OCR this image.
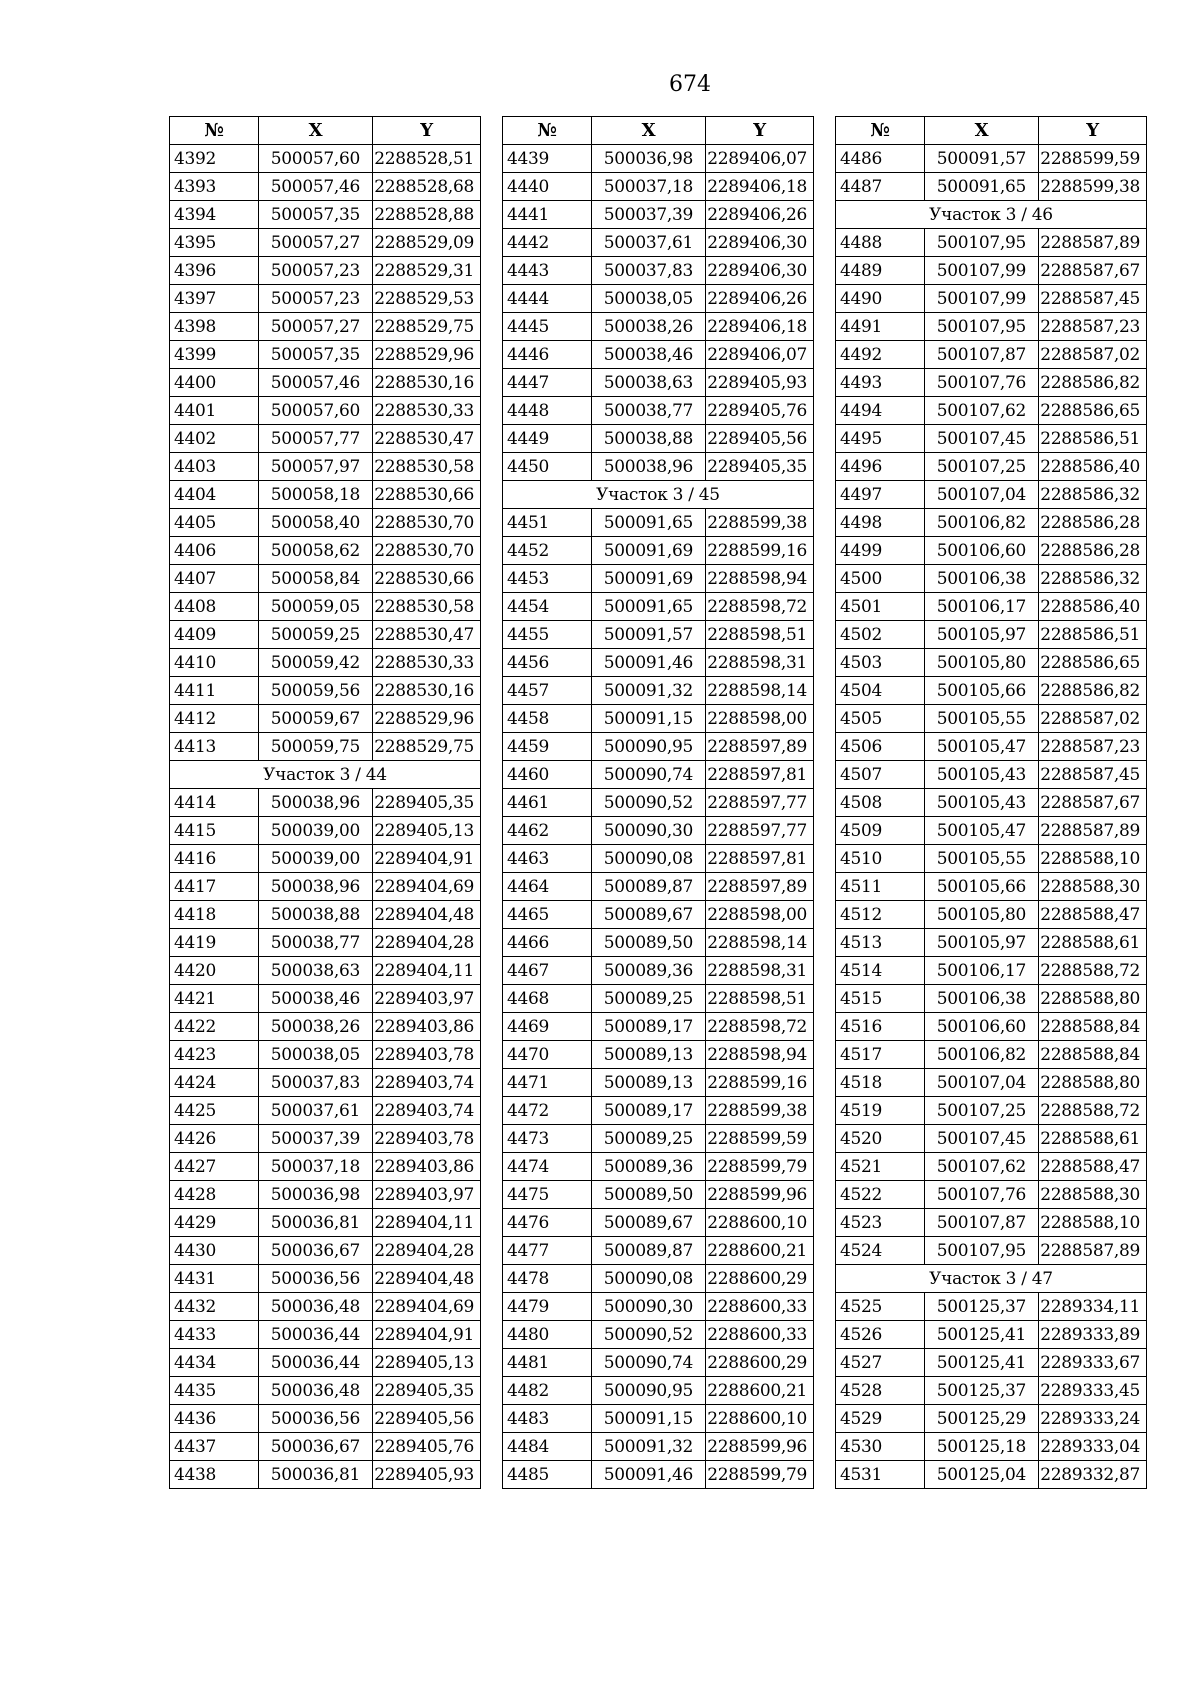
674
№	X	Y
4392	500057,60	2288528,51
4393	500057,46	2288528,68
4394	500057,35	2288528,88
4395	500057,27	2288529,09
4396	500057,23	2288529,31
4397	500057,23	2288529,53
4398	500057,27	2288529,75
4399	500057,35	2288529,96
4400	500057,46	2288530,16
4401	500057,60	2288530,33
4402	500057,77	2288530,47
4403	500057,97	2288530,58
4404	500058,18	2288530,66
4405	500058,40	2288530,70
4406	500058,62	2288530,70
4407	500058,84	2288530,66
4408	500059,05	2288530,58
4409	500059,25	2288530,47
4410	500059,42	2288530,33
4411	500059,56	2288530,16
4412	500059,67	2288529,96
4413	500059,75	2288529,75
Участок 3 / 44		
4414	500038,96	2289405,35
4415	500039,00	2289405,13
4416	500039,00	2289404,91
4417	500038,96	2289404,69
4418	500038,88	2289404,48
4419	500038,77	2289404,28
4420	500038,63	2289404,11
4421	500038,46	2289403,97
4422	500038,26	2289403,86
4423	500038,05	2289403,78
4424	500037,83	2289403,74
4425	500037,61	2289403,74
4426	500037,39	2289403,78
4427	500037,18	2289403,86
4428	500036,98	2289403,97
4429	500036,81	2289404,11
4430	500036,67	2289404,28
4431	500036,56	2289404,48
4432	500036,48	2289404,69
4433	500036,44	2289404,91
4434	500036,44	2289405,13
4435	500036,48	2289405,35
4436	500036,56	2289405,56
4437	500036,67	2289405,76
4438	500036,81	2289405,93
№	X	Y
4439	500036,98	2289406,07
4440	500037,18	2289406,18
4441	500037,39	2289406,26
4442	500037,61	2289406,30
4443	500037,83	2289406,30
4444	500038,05	2289406,26
4445	500038,26	2289406,18
4446	500038,46	2289406,07
4447	500038,63	2289405,93
4448	500038,77	2289405,76
4449	500038,88	2289405,56
4450	500038,96	2289405,35
Участок 3 / 45		
4451	500091,65	2288599,38
4452	500091,69	2288599,16
4453	500091,69	2288598,94
4454	500091,65	2288598,72
4455	500091,57	2288598,51
4456	500091,46	2288598,31
4457	500091,32	2288598,14
4458	500091,15	2288598,00
4459	500090,95	2288597,89
4460	500090,74	2288597,81
4461	500090,52	2288597,77
4462	500090,30	2288597,77
4463	500090,08	2288597,81
4464	500089,87	2288597,89
4465	500089,67	2288598,00
4466	500089,50	2288598,14
4467	500089,36	2288598,31
4468	500089,25	2288598,51
4469	500089,17	2288598,72
4470	500089,13	2288598,94
4471	500089,13	2288599,16
4472	500089,17	2288599,38
4473	500089,25	2288599,59
4474	500089,36	2288599,79
4475	500089,50	2288599,96
4476	500089,67	2288600,10
4477	500089,87	2288600,21
4478	500090,08	2288600,29
4479	500090,30	2288600,33
4480	500090,52	2288600,33
4481	500090,74	2288600,29
4482	500090,95	2288600,21
4483	500091,15	2288600,10
4484	500091,32	2288599,96
4485	500091,46	2288599,79
№	X	Y
4486	500091,57	2288599,59
4487	500091,65	2288599,38
Участок 3 / 46		
4488	500107,95	2288587,89
4489	500107,99	2288587,67
4490	500107,99	2288587,45
4491	500107,95	2288587,23
4492	500107,87	2288587,02
4493	500107,76	2288586,82
4494	500107,62	2288586,65
4495	500107,45	2288586,51
4496	500107,25	2288586,40
4497	500107,04	2288586,32
4498	500106,82	2288586,28
4499	500106,60	2288586,28
4500	500106,38	2288586,32
4501	500106,17	2288586,40
4502	500105,97	2288586,51
4503	500105,80	2288586,65
4504	500105,66	2288586,82
4505	500105,55	2288587,02
4506	500105,47	2288587,23
4507	500105,43	2288587,45
4508	500105,43	2288587,67
4509	500105,47	2288587,89
4510	500105,55	2288588,10
4511	500105,66	2288588,30
4512	500105,80	2288588,47
4513	500105,97	2288588,61
4514	500106,17	2288588,72
4515	500106,38	2288588,80
4516	500106,60	2288588,84
4517	500106,82	2288588,84
4518	500107,04	2288588,80
4519	500107,25	2288588,72
4520	500107,45	2288588,61
4521	500107,62	2288588,47
4522	500107,76	2288588,30
4523	500107,87	2288588,10
4524	500107,95	2288587,89
Участок 3 / 47		
4525	500125,37	2289334,11
4526	500125,41	2289333,89
4527	500125,41	2289333,67
4528	500125,37	2289333,45
4529	500125,29	2289333,24
4530	500125,18	2289333,04
4531	500125,04	2289332,87
